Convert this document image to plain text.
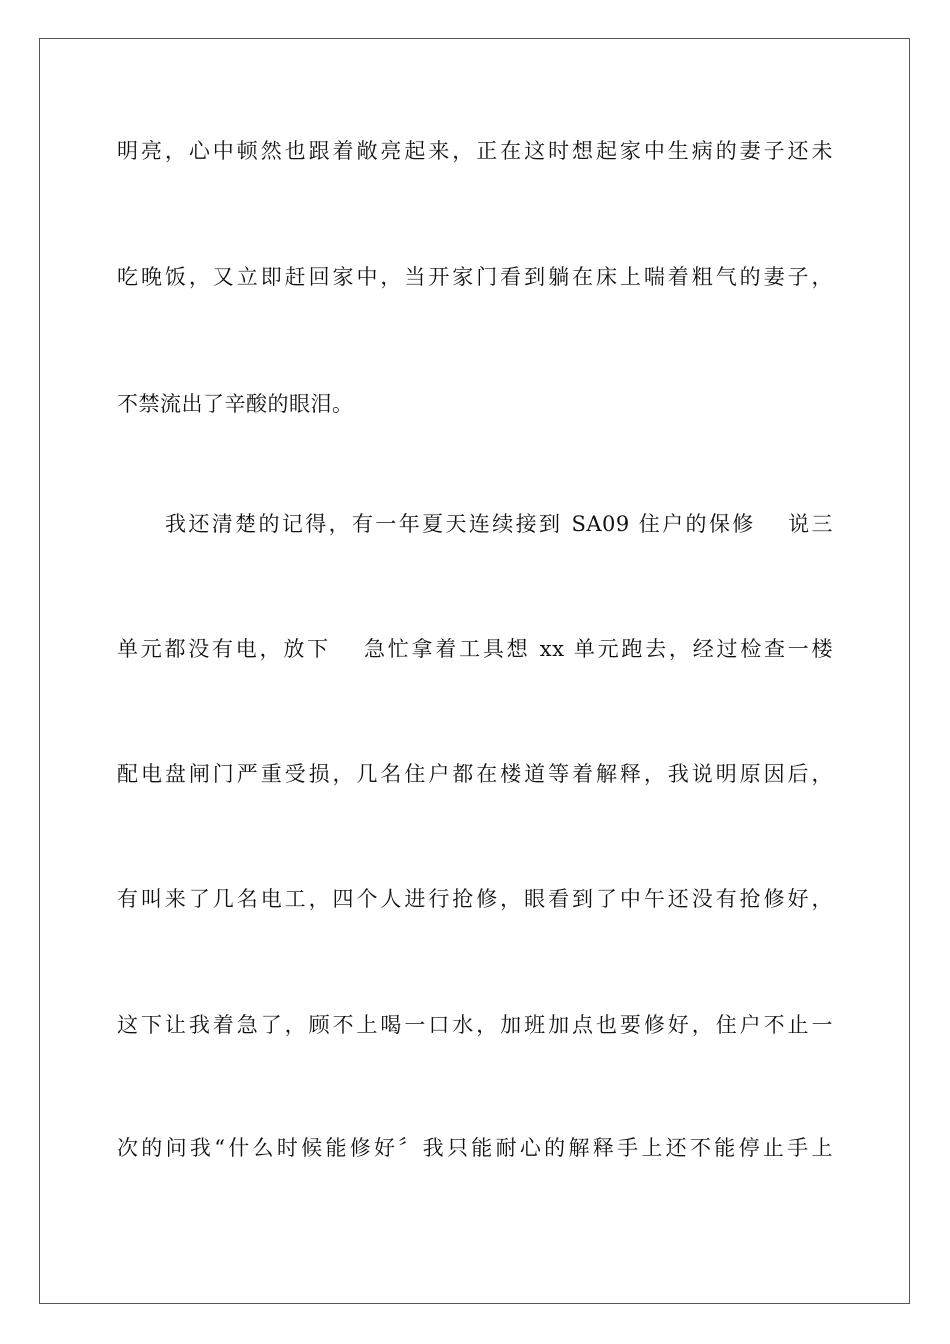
明亮，心中顿然也跟着敞亮起来，正在这时想起家中生病的妻子还未
吃晚饭，又立即赶回家中，当开家门看到躺在床上喘着粗气的妻子，
不禁流出了辛酸的眼泪。
我还清楚的记得，有一年夏天连续接到 SA09 住户的保修　 说三
单元都没有电，放下　 急忙拿着工具想 xx 单元跑去，经过检查一楼
配电盘闸门严重受损，几名住户都在楼道等着解释，我说明原因后，
有叫来了几名电工，四个人进行抢修，眼看到了中午还没有抢修好，
这下让我着急了，顾不上喝一口水，加班加点也要修好，住户不止一
次的问我“什么时候能修好〞我只能耐心的解释手上还不能停止手上
